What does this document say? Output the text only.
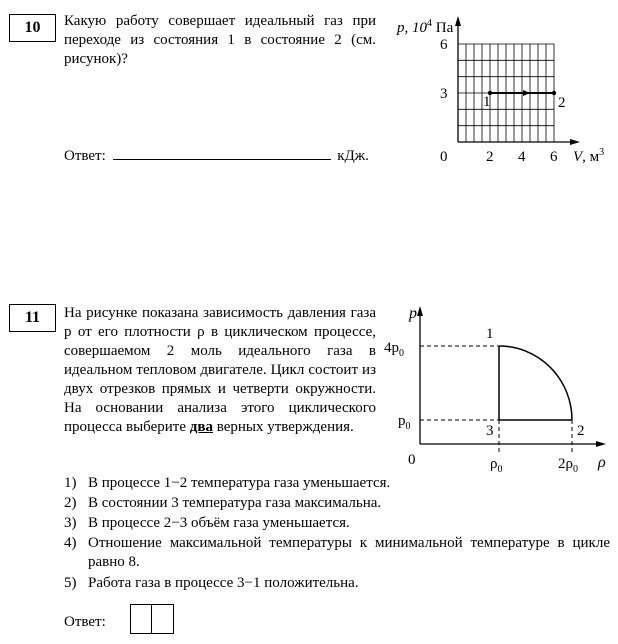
10	Какую работу совершает идеальный газ при переходе из состояния 1 в состояние 2 (см. рисунок)?
Ответ:	кДж.
p, $10^4$ Па
6
3
0	2 4 6 V, $м^3$
1	2
11	На рисунке показана зависимость давления газа p от его плотности ρ в циклическом процессе, совершаемом 2 моль идеального газа в идеальном тепловом двигателе. Цикл состоит из двух отрезков прямых и четверти окружности. На основании анализа этого циклического процесса выберите два верных утверждения.
p
ρ
0
$4p_0$
$p_0$
$\rho_0$	$2\rho_0$
1
2
3
1) В процессе 1−2 температура газа уменьшается.
2) В состоянии 3 температура газа максимальна.
3) В процессе 2−3 объём газа уменьшается.
4) Отношение максимальной температуры к минимальной температуре в цикле равно 8.
5) Работа газа в процессе 3−1 положительна.
Ответ:
